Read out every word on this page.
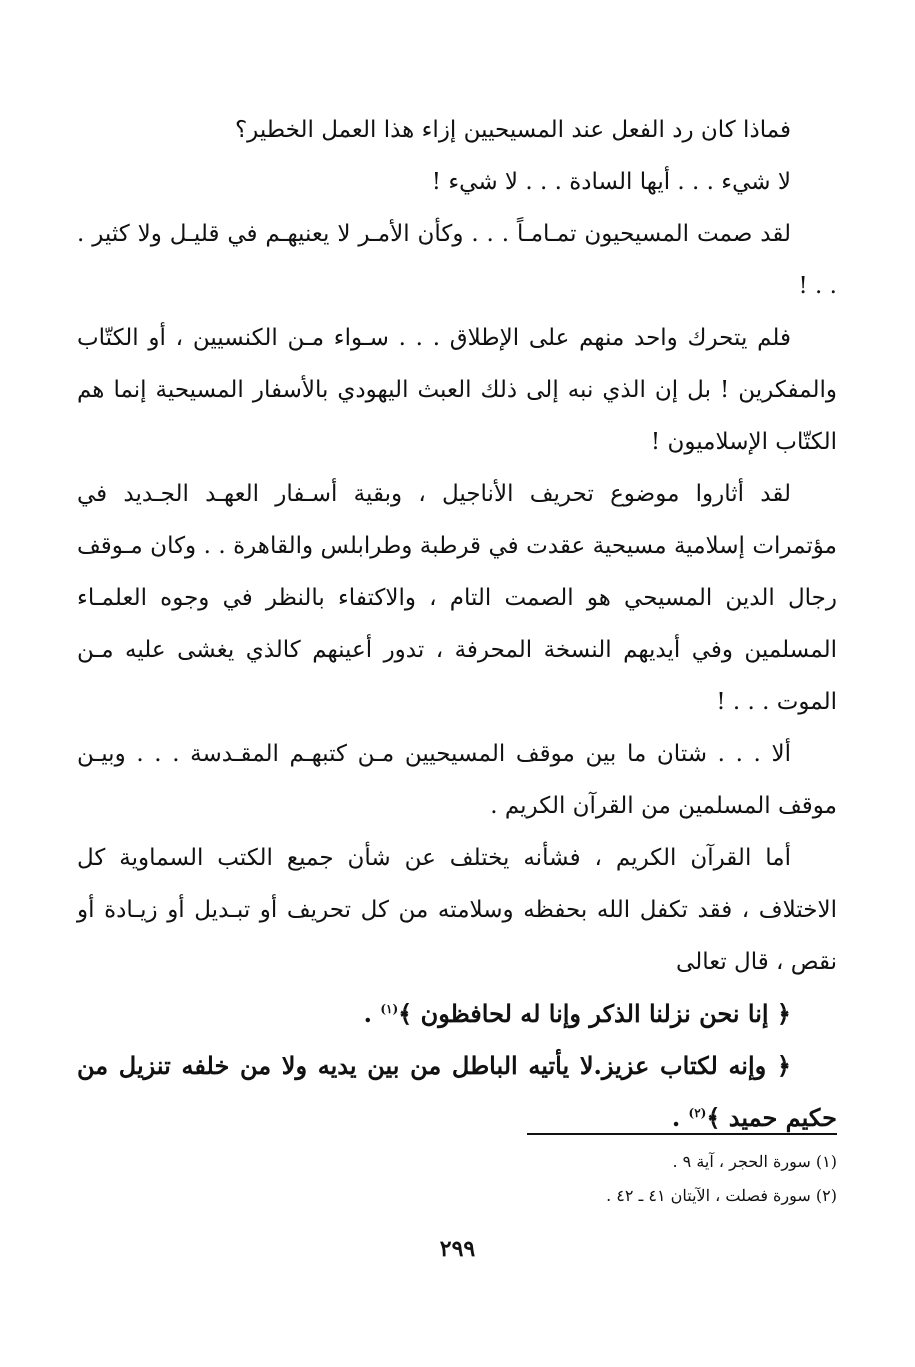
فماذا كان رد الفعل عند المسيحيين إزاء هذا العمل الخطير؟

لا شيء . . . أيها السادة . . . لا شيء !

لقد صمت المسيحيون تمـامـاً . . . وكأن الأمـر لا يعنيهـم في قليـل ولا كثير . . . !

فلم يتحرك واحد منهم على الإطلاق . . . سـواء مـن الكنسيين ، أو الكتّاب والمفكرين ! بل إن الذي نبه إلى ذلك العبث اليهودي بالأسفار المسيحية إنما هم الكتّاب الإسلاميون !

لقد أثاروا موضوع تحريف الأناجيل ، وبقية أسـفار العهـد الجـديد في مؤتمرات إسلامية مسيحية عقدت في قرطبة وطرابلس والقاهرة . . وكان مـوقف رجال الدين المسيحي هو الصمت التام ، والاكتفاء بالنظر في وجوه العلمـاء المسلمين وفي أيديهم النسخة المحرفة ، تدور أعينهم كالذي يغشى عليه مـن الموت . . . !

ألا . . . شتان ما بين موقف المسيحيين مـن كتبهـم المقـدسة . . . وبيـن موقف المسلمين من القرآن الكريم .

أما القرآن الكريم ، فشأنه يختلف عن شأن جميع الكتب السماوية كل الاختلاف ، فقد تكفل الله بحفظه وسلامته من كل تحريف أو تبـديل أو زيـادة أو نقص ، قال تعالى

﴿ إنا نحن نزلنا الذكر وإنا له لحافظون ﴾$^{(١)}$ .

﴿ وإنه لكتاب عزيز.لا يأتيه الباطل من بين يديه ولا من خلفه تنزيل من حكيم حميد ﴾$^{(٢)}$ .

(١) سورة الحجر ، آية ٩ .

(٢) سورة فصلت ، الآيتان ٤١ ـ ٤٢ .

٢٩٩
